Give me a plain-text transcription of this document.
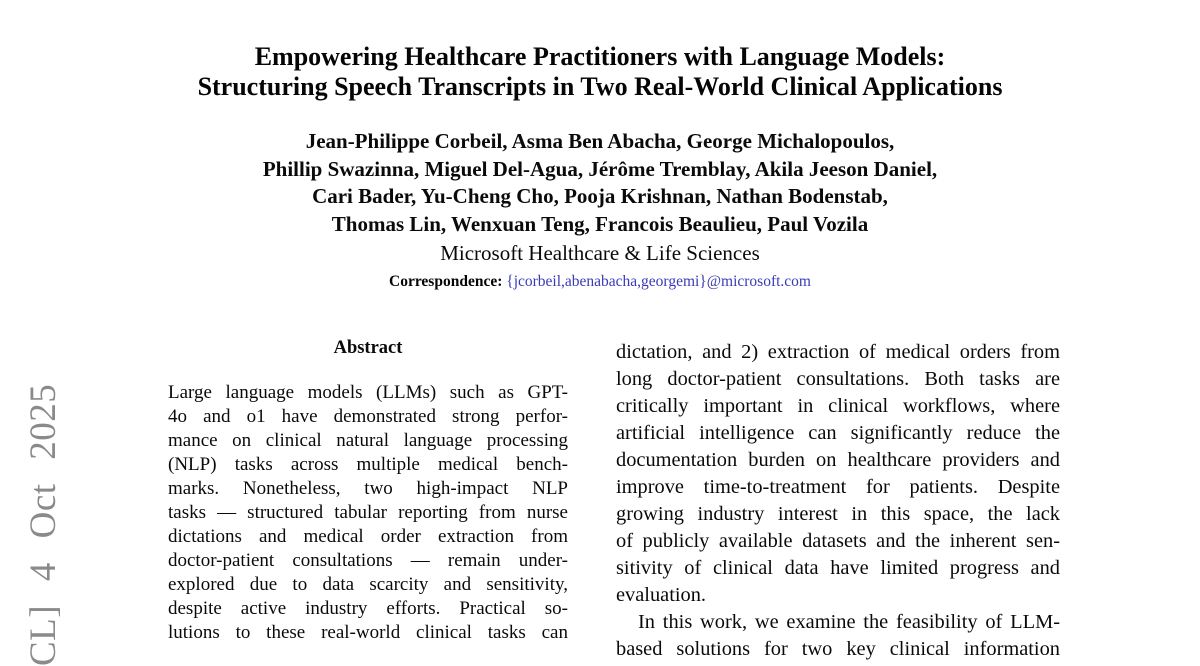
CL] 4 Oct 2025
Empowering Healthcare Practitioners with Language Models:
Structuring Speech Transcripts in Two Real-World Clinical Applications
Jean-Philippe Corbeil, Asma Ben Abacha, George Michalopoulos,
Phillip Swazinna, Miguel Del-Agua, Jérôme Tremblay, Akila Jeeson Daniel,
Cari Bader, Yu-Cheng Cho, Pooja Krishnan, Nathan Bodenstab,
Thomas Lin, Wenxuan Teng, Francois Beaulieu, Paul Vozila
Microsoft Healthcare & Life Sciences
Correspondence: {jcorbeil,abenabacha,georgemi}@microsoft.com
Abstract
Large language models (LLMs) such as GPT-
4o and o1 have demonstrated strong perfor-
mance on clinical natural language processing
(NLP) tasks across multiple medical bench-
marks. Nonetheless, two high-impact NLP
tasks — structured tabular reporting from nurse
dictations and medical order extraction from
doctor-patient consultations — remain under-
explored due to data scarcity and sensitivity,
despite active industry efforts. Practical so-
lutions to these real-world clinical tasks can
dictation, and 2) extraction of medical orders from
long doctor-patient consultations. Both tasks are
critically important in clinical workflows, where
artificial intelligence can significantly reduce the
documentation burden on healthcare providers and
improve time-to-treatment for patients. Despite
growing industry interest in this space, the lack
of publicly available datasets and the inherent sen-
sitivity of clinical data have limited progress and
evaluation.
In this work, we examine the feasibility of LLM-
based solutions for two key clinical information
